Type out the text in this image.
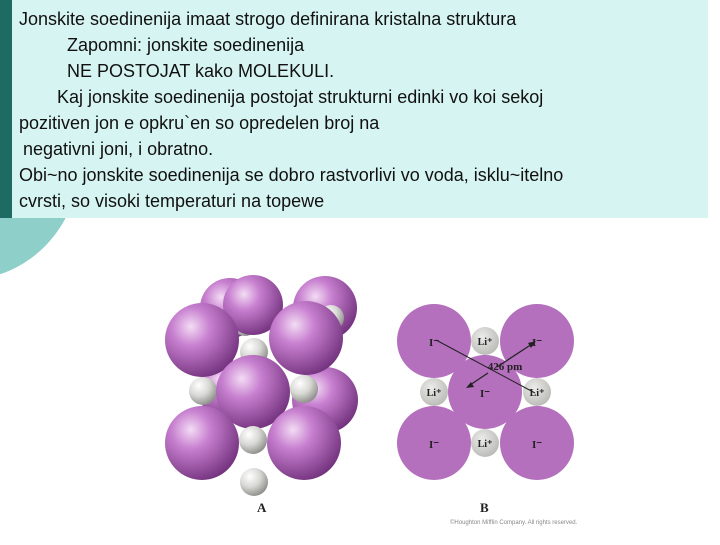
Jonskite soedinenija imaat strogo definirana kristalna struktura
Zapomni: jonskite soedinenija
NE POSTOJAT kako MOLEKULI.
Kaj jonskite soedinenija postojat strukturni edinki vo koi sekoj
pozitiven jon e opkru`en so opredelen broj na
negativni joni, i obratno.
Obi~no jonskite soedinenija se dobro rastvorlivi vo voda, isklu~itelno
cvrsti, so visoki temperaturi na topewe
I⁻	I⁻
I⁻
I⁻	I⁻
Li⁺
Li⁺	Li⁺
Li⁺
426 pm
A	B
©Houghton Mifflin Company. All rights reserved.
